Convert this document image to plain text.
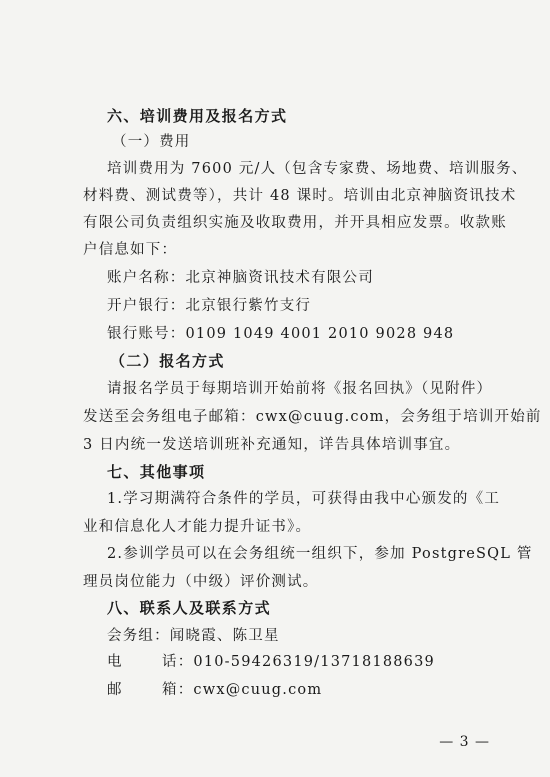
六、培训费用及报名方式
（一）费用
培训费用为 7600 元/人（包含专家费、场地费、培训服务、
材料费、测试费等），共计 48 课时。培训由北京神脑资讯技术
有限公司负责组织实施及收取费用，并开具相应发票。收款账
户信息如下：
账户名称：北京神脑资讯技术有限公司
开户银行：北京银行紫竹支行
银行账号：0109 1049 4001 2010 9028 948
（二）报名方式
请报名学员于每期培训开始前将《报名回执》（见附件）
发送至会务组电子邮箱：cwx@cuug.com，会务组于培训开始前
3 日内统一发送培训班补充通知，详告具体培训事宜。
七、其他事项
1.学习期满符合条件的学员，可获得由我中心颁发的《工
业和信息化人才能力提升证书》。
2.参训学员可以在会务组统一组织下，参加 PostgreSQL 管
理员岗位能力（中级）评价测试。
八、联系人及联系方式
会务组：闻晓霞、陈卫星
电	话：010-59426319/13718188639
邮	箱：cwx@cuug.com
— 3 —
